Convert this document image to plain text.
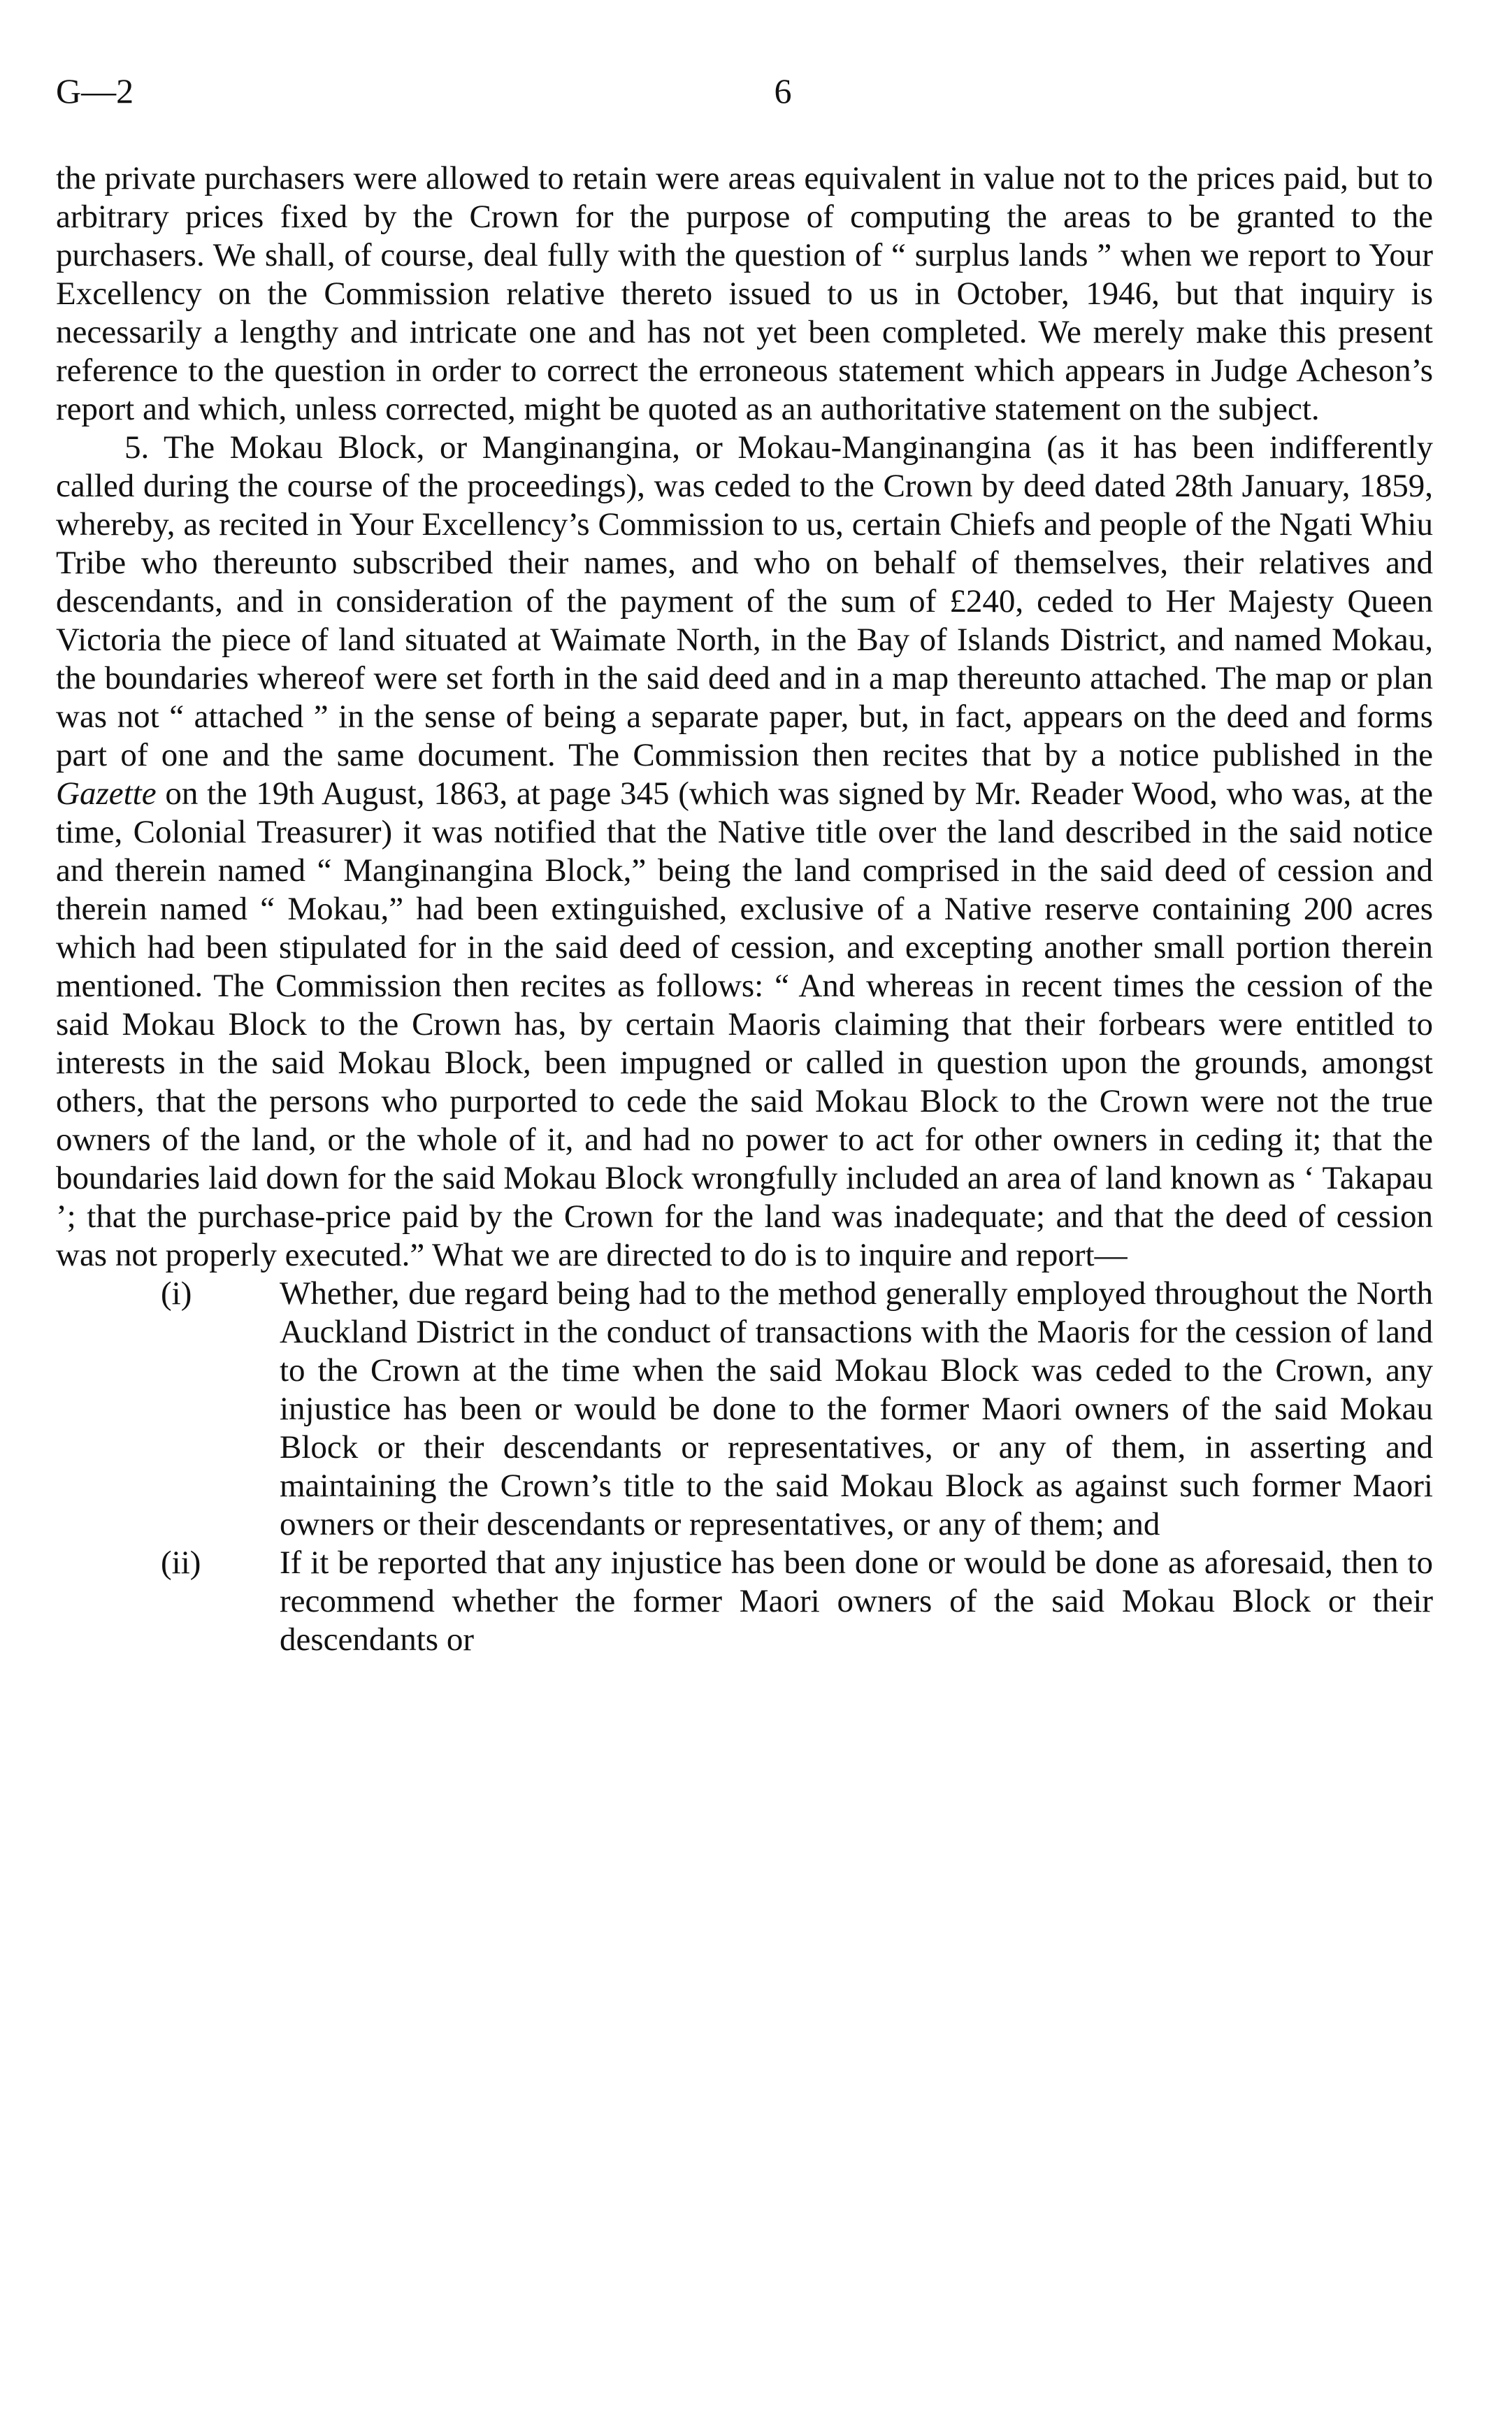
G—2	6

the private purchasers were allowed to retain were areas equivalent in value not to the prices paid, but to arbitrary prices fixed by the Crown for the purpose of computing the areas to be granted to the purchasers. We shall, of course, deal fully with the question of “ surplus lands ” when we report to Your Excellency on the Commission relative thereto issued to us in October, 1946, but that inquiry is necessarily a lengthy and intricate one and has not yet been completed. We merely make this present reference to the question in order to correct the erroneous statement which appears in Judge Acheson’s report and which, unless corrected, might be quoted as an authoritative statement on the subject.

5. The Mokau Block, or Manginangina, or Mokau-Manginangina (as it has been indifferently called during the course of the proceedings), was ceded to the Crown by deed dated 28th January, 1859, whereby, as recited in Your Excellency’s Commission to us, certain Chiefs and people of the Ngati Whiu Tribe who thereunto subscribed their names, and who on behalf of themselves, their relatives and descendants, and in consideration of the payment of the sum of £240, ceded to Her Majesty Queen Victoria the piece of land situated at Waimate North, in the Bay of Islands District, and named Mokau, the boundaries whereof were set forth in the said deed and in a map thereunto attached. The map or plan was not “ attached ” in the sense of being a separate paper, but, in fact, appears on the deed and forms part of one and the same document. The Commission then recites that by a notice published in the Gazette on the 19th August, 1863, at page 345 (which was signed by Mr. Reader Wood, who was, at the time, Colonial Treasurer) it was notified that the Native title over the land described in the said notice and therein named “ Manginangina Block,” being the land comprised in the said deed of cession and therein named “ Mokau,” had been extinguished, exclusive of a Native reserve containing 200 acres which had been stipulated for in the said deed of cession, and excepting another small portion therein mentioned. The Commission then recites as follows: “ And whereas in recent times the cession of the said Mokau Block to the Crown has, by certain Maoris claiming that their forbears were entitled to interests in the said Mokau Block, been impugned or called in question upon the grounds, amongst others, that the persons who purported to cede the said Mokau Block to the Crown were not the true owners of the land, or the whole of it, and had no power to act for other owners in ceding it; that the boundaries laid down for the said Mokau Block wrongfully included an area of land known as ‘ Takapau ’; that the purchase-price paid by the Crown for the land was inadequate; and that the deed of cession was not properly executed.” What we are directed to do is to inquire and report—

(i)	Whether, due regard being had to the method generally employed throughout the North Auckland District in the conduct of transactions with the Maoris for the cession of land to the Crown at the time when the said Mokau Block was ceded to the Crown, any injustice has been or would be done to the former Maori owners of the said Mokau Block or their descendants or representatives, or any of them, in asserting and maintaining the Crown’s title to the said Mokau Block as against such former Maori owners or their descendants or representatives, or any of them; and

(ii)	If it be reported that any injustice has been done or would be done as aforesaid, then to recommend whether the former Maori owners of the said Mokau Block or their descendants or
